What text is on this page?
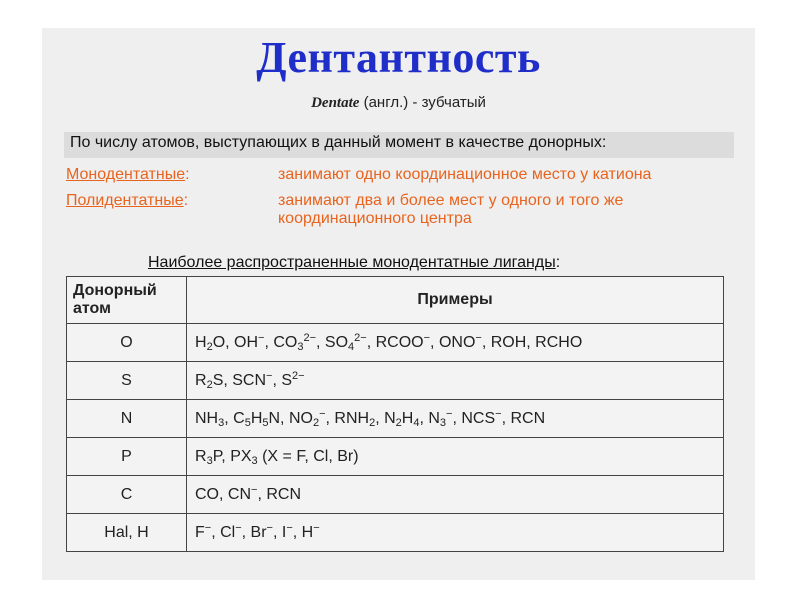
Дентантность
Dentate (англ.) - зубчатый
По числу атомов, выступающих в данный момент в качестве донорных:
Монодентатные:	занимают одно координационное место у катиона
Полидентатные:	занимают два и более мест у одного и того же координационного центра
Наиболее распространенные монодентатные лиганды:
Донорный атом	Примеры
O	$H_2O$, OH−, $CO_3^{2-}$, $SO_4^{2-}$, RCOO−, ONO−, ROH, RCHO
S	$R_2S$, SCN−, $S^{2-}$
N	$NH_3$, $C_5H_5N$, $NO_2^-$, $RNH_2$, $N_2H_4$, $N_3^-$, NCS−, RCN
P	$R_3P$, $PX_3$ (X = F, Cl, Br)
C	CO, CN−, RCN
Hal, H	F−, Cl−, Br−, I−, H−
